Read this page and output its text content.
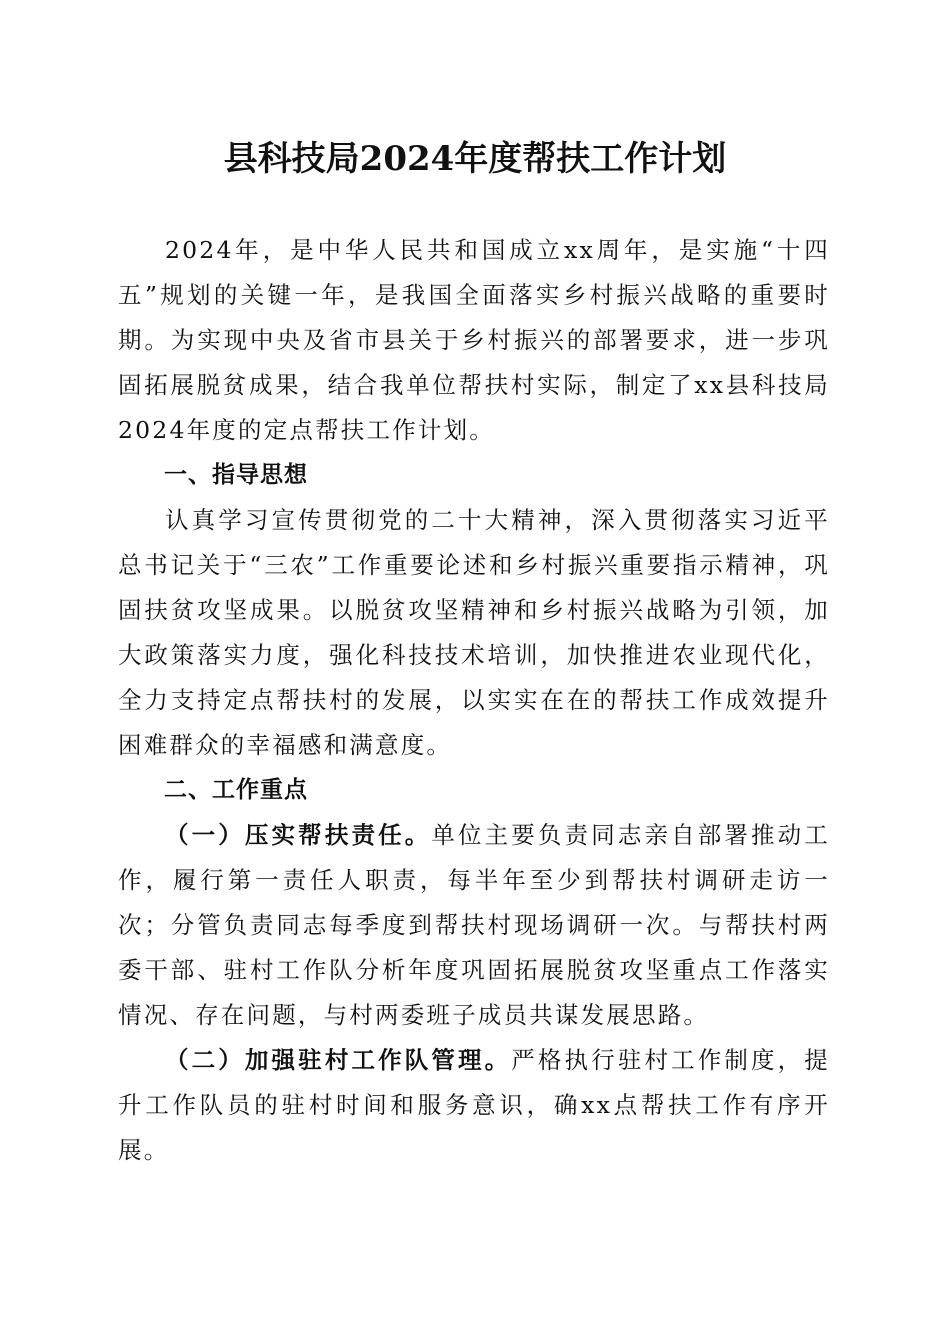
县科技局2024年度帮扶工作计划

2024年，是中华人民共和国成立xx周年，是实施“十四五”规划的关键一年，是我国全面落实乡村振兴战略的重要时期。为实现中央及省市县关于乡村振兴的部署要求，进一步巩固拓展脱贫成果，结合我单位帮扶村实际，制定了xx县科技局2024年度的定点帮扶工作计划。

一、指导思想

认真学习宣传贯彻党的二十大精神，深入贯彻落实习近平总书记关于“三农”工作重要论述和乡村振兴重要指示精神，巩固扶贫攻坚成果。以脱贫攻坚精神和乡村振兴战略为引领，加大政策落实力度，强化科技技术培训，加快推进农业现代化，全力支持定点帮扶村的发展，以实实在在的帮扶工作成效提升困难群众的幸福感和满意度。

二、工作重点

（一）压实帮扶责任。单位主要负责同志亲自部署推动工作，履行第一责任人职责，每半年至少到帮扶村调研走访一次；分管负责同志每季度到帮扶村现场调研一次。与帮扶村两委干部、驻村工作队分析年度巩固拓展脱贫攻坚重点工作落实情况、存在问题，与村两委班子成员共谋发展思路。

（二）加强驻村工作队管理。严格执行驻村工作制度，提升工作队员的驻村时间和服务意识，确xx点帮扶工作有序开展。
